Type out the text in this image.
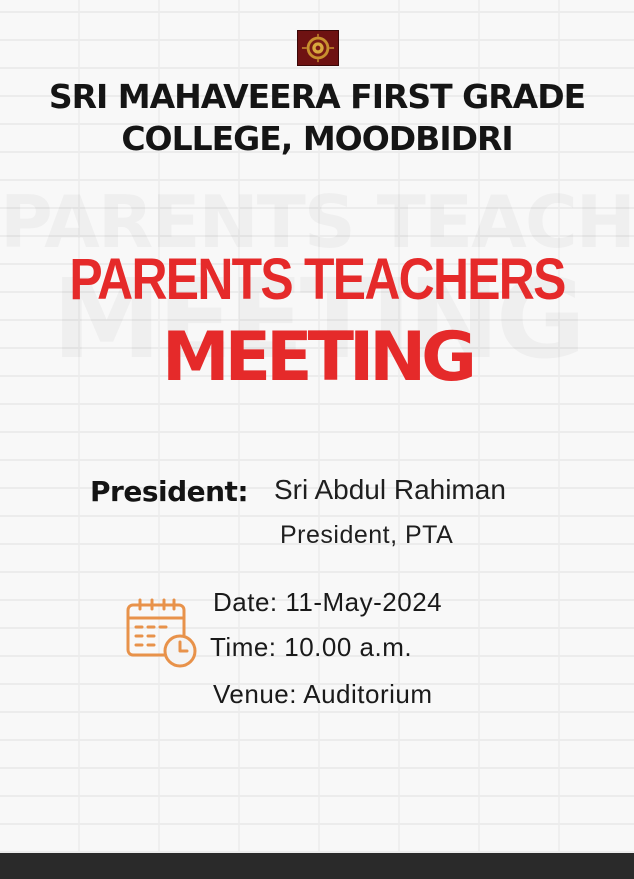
SRI MAHAVEERA FIRST GRADE
COLLEGE, MOODBIDRI
PARENTS TEACHERS
MEETING
President: Sri Abdul Rahiman
President, PTA
Date: 11-May-2024
Time: 10.00 a.m.
Venue: Auditorium
